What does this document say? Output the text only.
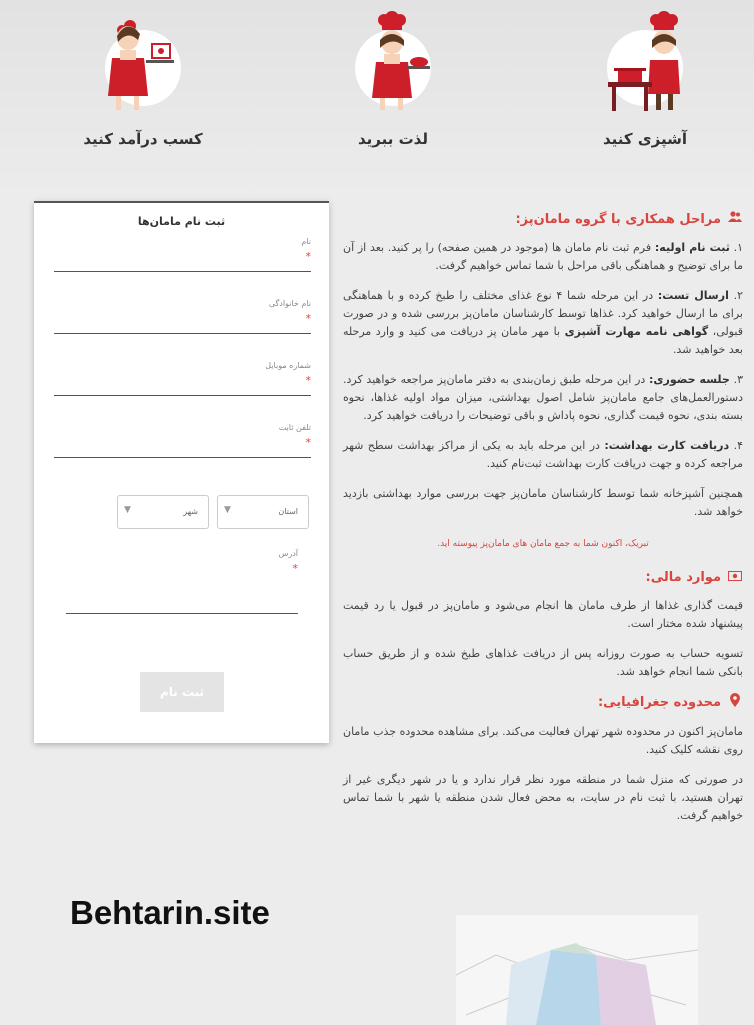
کسب درآمد کنید	لذت ببرید	آشپزی کنید
ثبت نام مامان‌ها
نام
*
نام خانوادگی
*
شماره موبایل
*
تلفن ثابت
*
استان
▼
شهر
▼
آدرس
*
ثبت نام
مراحل همکاری با گروه مامان‌پز:

۱. ثبت نام اولیه: فرم ثبت نام مامان ها (موجود در همین صفحه) را پر کنید. بعد از آن ما برای توضیح و هماهنگی باقی مراحل با شما تماس خواهیم گرفت.

۲. ارسال تست: در این مرحله شما ۴ نوع غذای مختلف را طبخ کرده و با هماهنگی برای ما ارسال خواهید کرد. غذاها توسط کارشناسان مامان‌پز بررسی شده و در صورت قبولی، گواهی نامه مهارت آشپزی با مهر مامان پز دریافت می کنید و وارد مرحله بعد خواهید شد.

۳. جلسه حضوری: در این مرحله طبق زمان‌بندی به دفتر مامان‌پز مراجعه خواهید کرد. دستورالعمل‌های جامع مامان‌پز شامل اصول بهداشتی، میزان مواد اولیه غذاها، نحوه بسته بندی، نحوه قیمت گذاری، نحوه پاداش و باقی توضیحات را دریافت خواهید کرد.

۴. دریافت کارت بهداشت: در این مرحله باید به یکی از مراکز بهداشت سطح شهر مراجعه کرده و جهت دریافت کارت بهداشت ثبت‌نام کنید.

همچنین آشپزخانه شما توسط کارشناسان مامان‌پز جهت بررسی موارد بهداشتی بازدید خواهد شد.

تبریک، اکنون شما به جمع مامان های مامان‌پز پیوسته اید.
موارد مالی:

قیمت گذاری غذاها از طرف مامان ها انجام می‌شود و مامان‌پز در قبول یا رد قیمت پیشنهاد شده مختار است.

تسویه حساب به صورت روزانه پس از دریافت غذاهای طبخ شده و از طریق حساب بانکی شما انجام خواهد شد.

محدوده جغرافیایی:

مامان‌پز اکنون در محدوده شهر تهران فعالیت می‌کند. برای مشاهده محدوده جذب مامان روی نقشه کلیک کنید.

در صورتی که منزل شما در منطقه مورد نظر قرار ندارد و یا در شهر دیگری غیر از تهران هستید، با ثبت نام در سایت، به محض فعال شدن منطقه یا شهر با شما تماس خواهیم گرفت.

Behtarin.site
